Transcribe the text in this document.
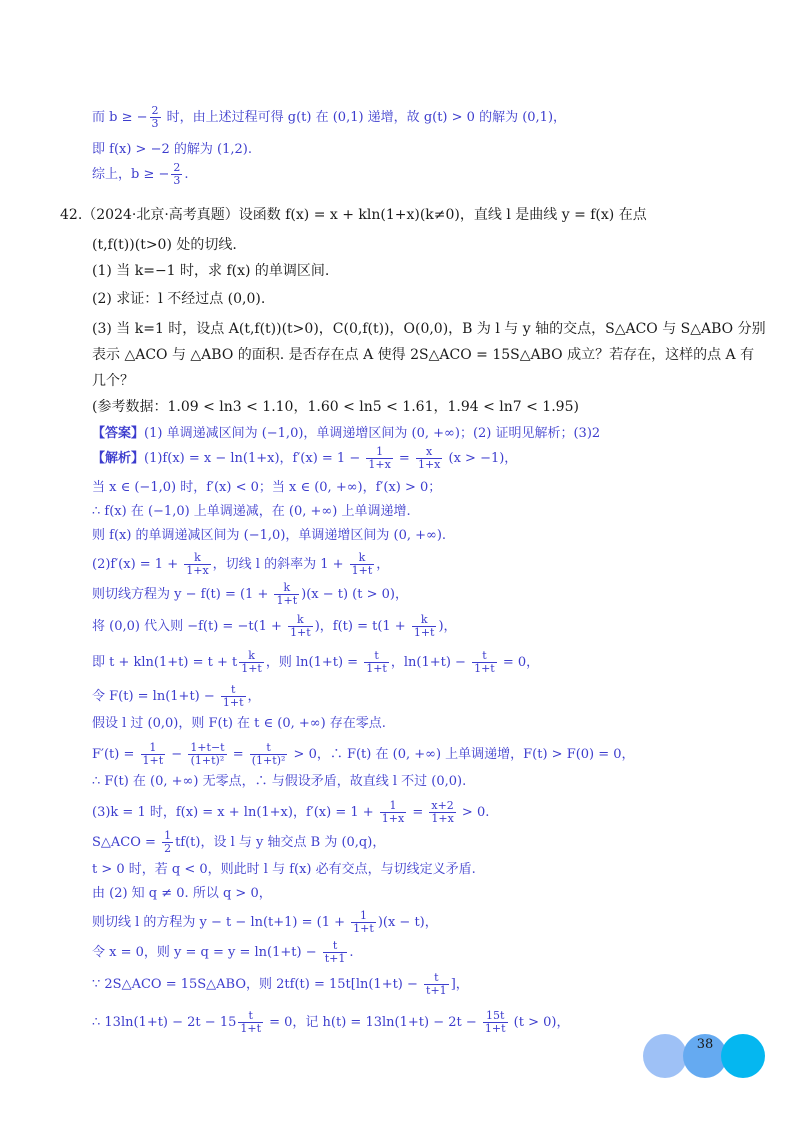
而 b ≥ − $\frac{2}{3}$ 时，由上述过程可得 g(t) 在 (0,1) 递增，故 g(t) > 0 的解为 (0,1)，
即 f(x) > −2 的解为 (1,2).
综上，b ≥ − $\frac{2}{3}$ .
42.（2024·北京·高考真题）设函数 f(x) = x + kln(1+x)(k≠0)，直线 l 是曲线 y = f(x) 在点
(t,f(t))(t>0) 处的切线.
(1) 当 k=−1 时，求 f(x) 的单调区间.
(2) 求证：l 不经过点 (0,0).
(3) 当 k=1 时，设点 A(t,f(t))(t>0)，C(0,f(t))，O(0,0)，B 为 l 与 y 轴的交点，S△ACO 与 S△ABO 分别
表示 △ACO 与 △ABO 的面积. 是否存在点 A 使得 2S△ACO = 15S△ABO 成立？若存在，这样的点 A 有
几个？
(参考数据：1.09 < ln3 < 1.10，1.60 < ln5 < 1.61，1.94 < ln7 < 1.95)
【答案】(1) 单调递减区间为 (−1,0)，单调递增区间为 (0, +∞)；(2) 证明见解析；(3)2
【解析】(1)f(x) = x − ln(1+x)，$f'(x) = 1 - \frac{1}{1+x} = \frac{x}{1+x} (x > -1)$，
当 x ∈ (−1,0) 时，f′(x) < 0；当 x ∈ (0, +∞)，f′(x) > 0；
∴ f(x) 在 (−1,0) 上单调递减，在 (0, +∞) 上单调递增.
则 f(x) 的单调递减区间为 (−1,0)，单调递增区间为 (0, +∞).
$(2)f'(x) = 1 + \frac{k}{1+x}$ ，切线 l 的斜率为 $1 + \frac{k}{1+t}$ ，
则切线方程为 $y - f(t) = (1 + \frac{k}{1+t} )(x - t)$ (t > 0)，
将 (0,0) 代入则 $-f(t) = -t(1 + \frac{k}{1+t}$ )，$f(t) = t(1 + \frac{k}{1+t}$ )，
即 t + kln(1+t) = t + t $\frac{k}{1+t}$ ，则 $\ln(1+t) = \frac{t}{1+t}$ ，$\ln(1+t) - \frac{t}{1+t} = 0$，
令 $F(t) = \ln(1+t) - \frac{t}{1+t}$ ，
假设 l 过 (0,0)，则 F(t) 在 t ∈ (0, +∞) 存在零点.
$F'(t) = \frac{1}{1+t} - \frac{1+t-t}{\text{(1+t)²}} = \frac{t}{\text{(1+t)²}} > 0$，∴ F(t) 在 (0, +∞) 上单调递增，F(t) > F(0) = 0，
∴ F(t) 在 (0, +∞) 无零点，∴ 与假设矛盾，故直线 l 不过 (0,0).
(3)k = 1 时，f(x) = x + ln(1+x)，$f'(x) = 1 + \frac{1}{1+x} = \frac{x+2}{1+x} > 0$.
S△ACO = $\frac{1}{2} tf(t)$，设 l 与 y 轴交点 B 为 (0,q)，
t > 0 时，若 q < 0，则此时 l 与 f(x) 必有交点，与切线定义矛盾.
由 (2) 知 q ≠ 0. 所以 q > 0，
则切线 l 的方程为 $y - t - \ln(t+1) = (1 + \frac{1}{1+t} )(x - t)$，
令 x = 0，则 $y = q = y = \ln(1+t) - \frac{t}{t+1}$ .
∵ 2S△ACO = 15S△ABO，则 $2tf(t) = 15t[\ln(1+t) - \frac{t}{t+1}$ ]，
∴ $13\ln(1+t) - 2t - 15 \frac{t}{1+t} = 0$，记 $h(t) = 13\ln(1+t) - 2t - \frac{15t}{1+t} (t > 0)$，
38
